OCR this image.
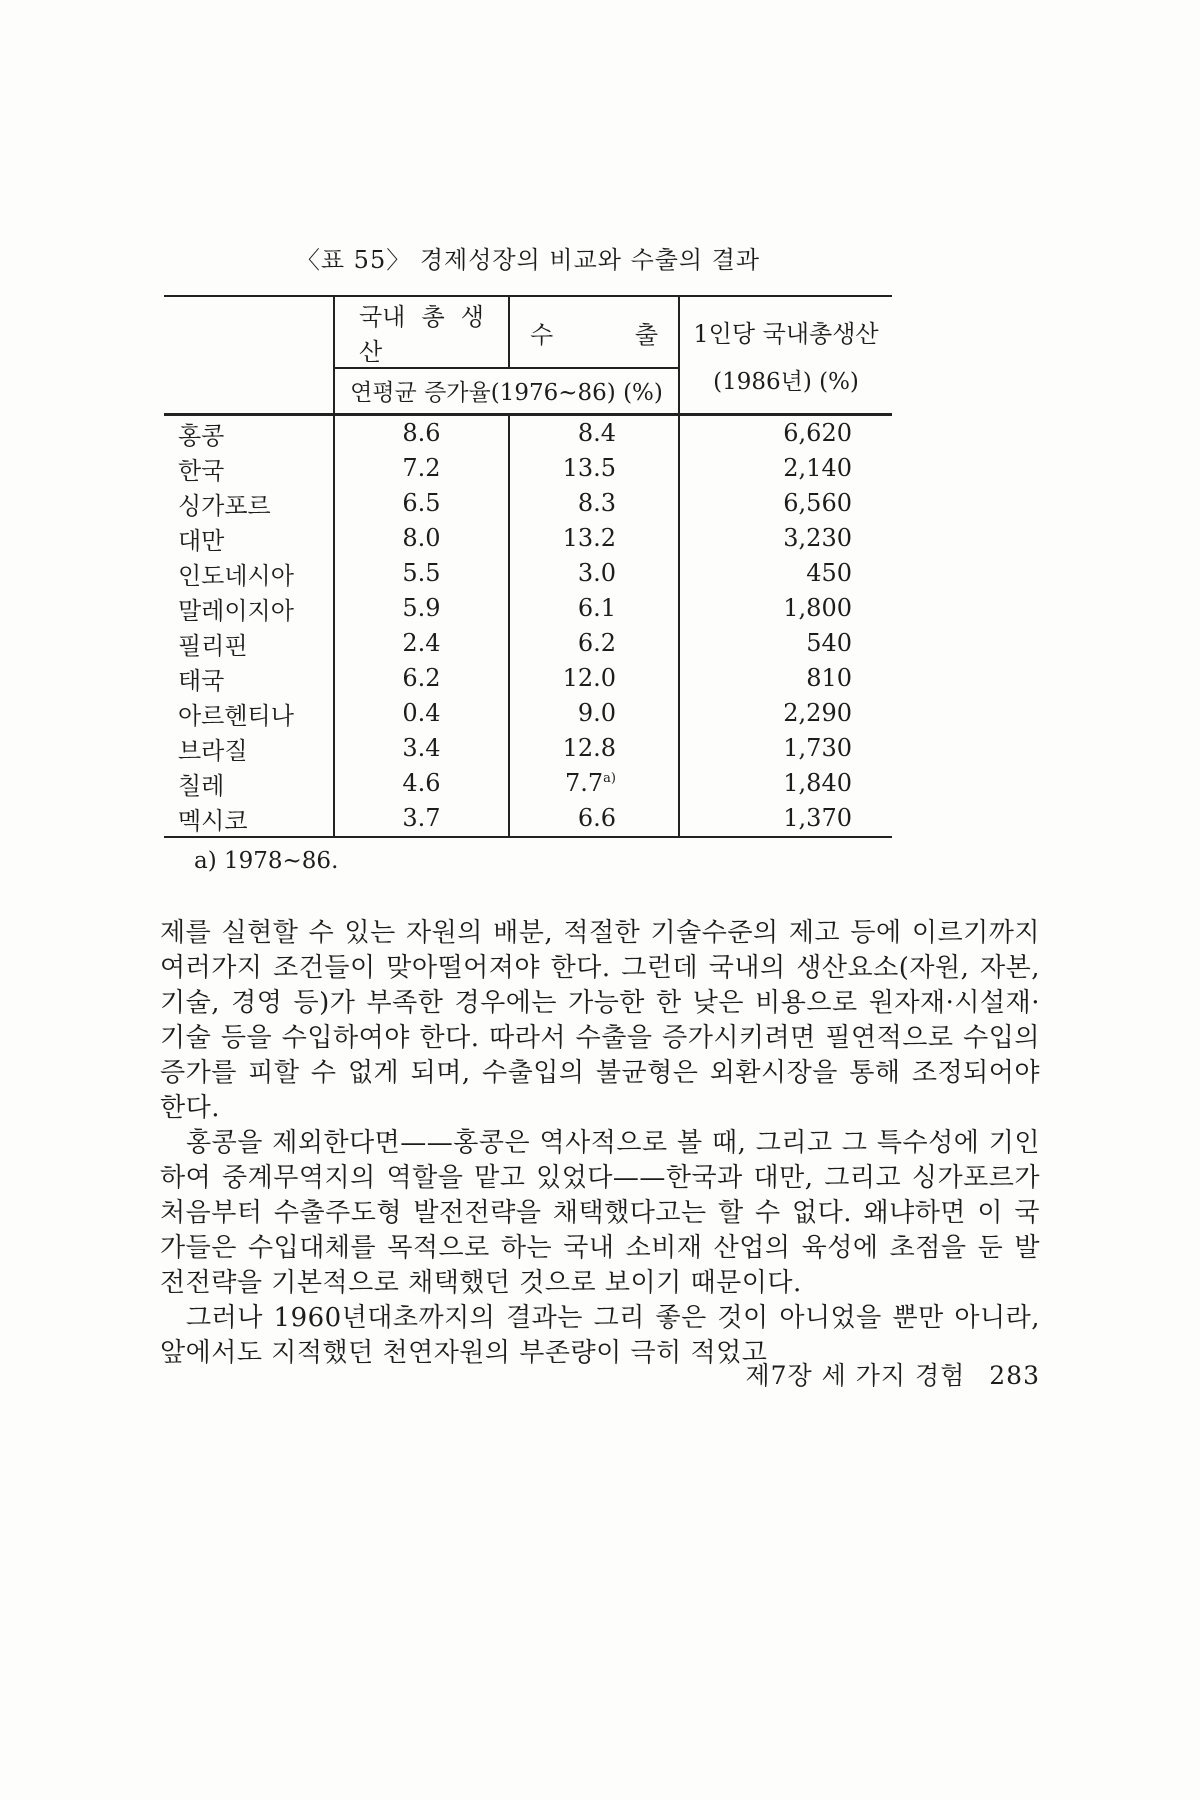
〈표 55〉 경제성장의 비교와 수출의 결과
	국내 총 생산	수 출	1인당 국내총생산
(1986년) (%)

	연평균 증가율(1976~86) (%)		

홍콩	8.6	8.4	6,620

한국	7.2	13.5	2,140

싱가포르	6.5	8.3	6,560

대만	8.0	13.2	3,230

인도네시아	5.5	3.0	450

말레이지아	5.9	6.1	1,800

필리핀	2.4	6.2	540

태국	6.2	12.0	810

아르헨티나	0.4	9.0	2,290

브라질	3.4	12.8	1,730

칠레	4.6	7.7$^{a)}$	1,840

멕시코	3.7	6.6	1,370
a) 1978~86.

제를 실현할 수 있는 자원의 배분, 적절한 기술수준의 제고 등에 이르기까지 여러가지 조건들이 맞아떨어져야 한다. 그런데 국내의 생산요소(자원, 자본, 기술, 경영 등)가 부족한 경우에는 가능한 한 낮은 비용으로 원자재·시설재·기술 등을 수입하여야 한다. 따라서 수출을 증가시키려면 필연적으로 수입의 증가를 피할 수 없게 되며, 수출입의 불균형은 외환시장을 통해 조정되어야 한다.

홍콩을 제외한다면——홍콩은 역사적으로 볼 때, 그리고 그 특수성에 기인하여 중계무역지의 역할을 맡고 있었다——한국과 대만, 그리고 싱가포르가 처음부터 수출주도형 발전전략을 채택했다고는 할 수 없다. 왜냐하면 이 국가들은 수입대체를 목적으로 하는 국내 소비재 산업의 육성에 초점을 둔 발전전략을 기본적으로 채택했던 것으로 보이기 때문이다.

그러나 1960년대초까지의 결과는 그리 좋은 것이 아니었을 뿐만 아니라, 앞에서도 지적했던 천연자원의 부존량이 극히 적었고

제7장 세 가지 경험 283
